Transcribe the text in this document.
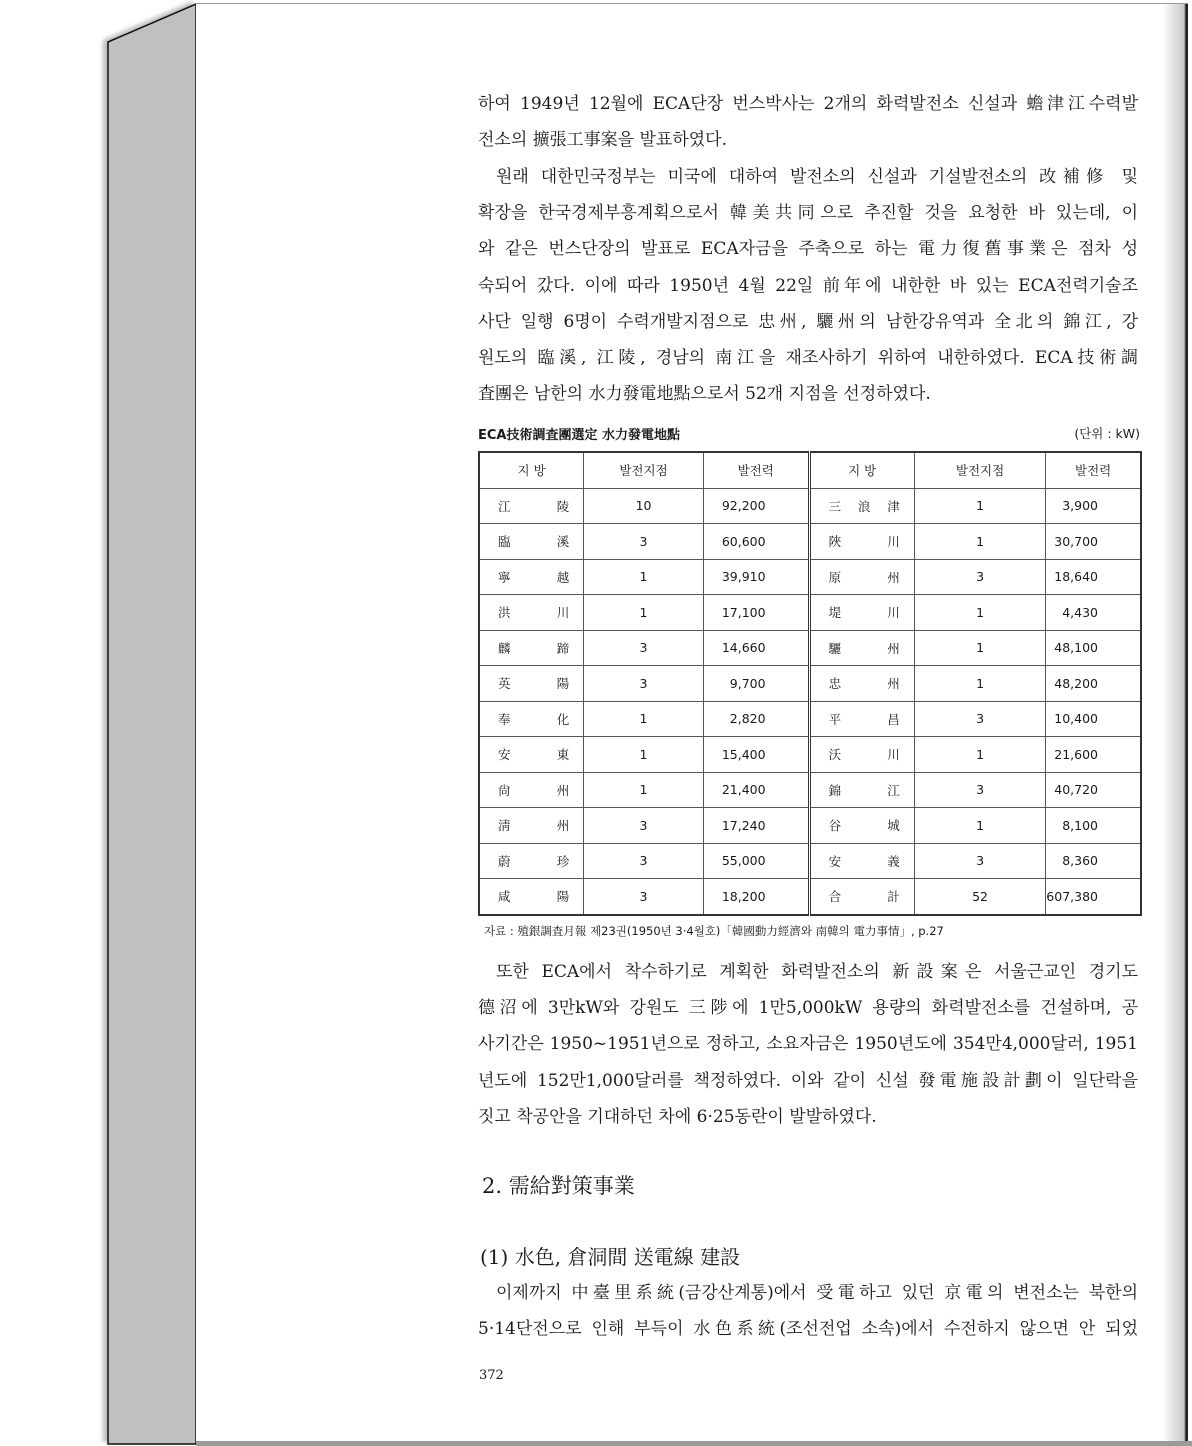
하여 1949년 12월에 ECA단장 번스박사는 2개의 화력발전소 신설과 蟾津江수력발
전소의 擴張工事案을 발표하였다.
원래 대한민국정부는 미국에 대하여 발전소의 신설과 기설발전소의 改補修 및
확장을 한국경제부흥계획으로서 韓美共同으로 추진할 것을 요청한 바 있는데, 이
와 같은 번스단장의 발표로 ECA자금을 주축으로 하는 電力復舊事業은 점차 성
숙되어 갔다. 이에 따라 1950년 4월 22일 前年에 내한한 바 있는 ECA전력기술조
사단 일행 6명이 수력개발지점으로 忠州, 驪州의 남한강유역과 全北의 錦江, 강
원도의 臨溪, 江陵, 경남의 南江을 재조사하기 위하여 내한하였다. ECA技術調
査團은 남한의 水力發電地點으로서 52개 지점을 선정하였다.
ECA技術調査團選定 水力發電地點	(단위 : kW)
지 방	발전지점	발전력	지 방	발전지점	발전력
江 陵	10	92,200	三 浪 津	1	3,900
臨 溪	3	60,600	陜 川	1	30,700
寧 越	1	39,910	原 州	3	18,640
洪 川	1	17,100	堤 川	1	4,430
麟 蹄	3	14,660	驪 州	1	48,100
英 陽	3	9,700	忠 州	1	48,200
奉 化	1	2,820	平 昌	3	10,400
安 東	1	15,400	沃 川	1	21,600
尙 州	1	21,400	錦 江	3	40,720
淸 州	3	17,240	谷 城	1	8,100
蔚 珍	3	55,000	安 義	3	8,360
咸 陽	3	18,200	合 計	52	607,380
자료 : 殖銀調査月報 제23권(1950년 3·4월호)「韓國動力經濟와 南韓의 電力事情」, p.27
또한 ECA에서 착수하기로 계획한 화력발전소의 新設案은 서울근교인 경기도
德沼에 3만kW와 강원도 三陟에 1만5,000kW 용량의 화력발전소를 건설하며, 공
사기간은 1950~1951년으로 정하고, 소요자금은 1950년도에 354만4,000달러, 1951
년도에 152만1,000달러를 책정하였다. 이와 같이 신설 發電施設計劃이 일단락을
짓고 착공안을 기대하던 차에 6·25동란이 발발하였다.
2. 需給對策事業
(1) 水色, 倉洞間 送電線 建設
이제까지 中臺里系統(금강산계통)에서 受電하고 있던 京電의 변전소는 북한의
5·14단전으로 인해 부득이 水色系統(조선전업 소속)에서 수전하지 않으면 안 되었
372
